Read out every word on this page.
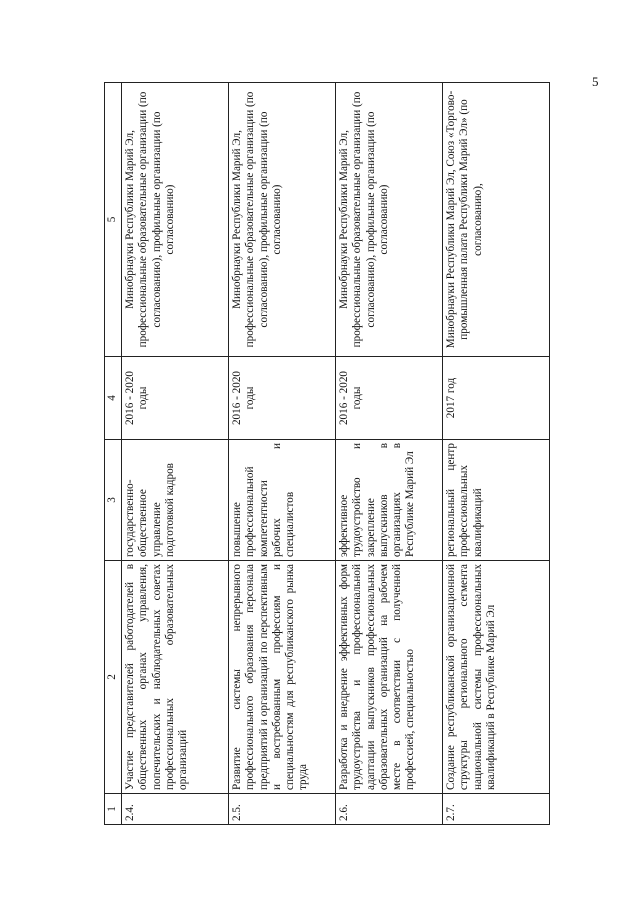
5
1	2	3	4	5
2.4.	Участие представителей работодателей в общественных органах управления, попечительских и наблюдательных советах профессиональных образовательных организаций	государственно-общественное управление подготовкой кадров	2016 - 2020 годы	Минобрнауки Республики Марий Эл, профессиональные образовательные организации (по согласованию), профильные организации (по согласованию)
2.5.	Развитие системы непрерывного профессионального образования персонала предприятий и организаций по перспективным и востребованным профессиям и специальностям для республиканского рынка труда	повышение профессиональной компетентности рабочих и специалистов	2016 - 2020 годы	Минобрнауки Республики Марий Эл, профессиональные образовательные организации (по согласованию), профильные организации (по согласованию)
2.6.	Разработка и внедрение эффективных форм трудоустройства и профессиональной адаптации выпускников профессиональных образовательных организаций на рабочем месте в соответствии с полученной профессией, специальностью	эффективное трудоустройство и закрепление выпускников в организациях в Республике Марий Эл	2016 - 2020 годы	Минобрнауки Республики Марий Эл, профессиональные образовательные организации (по согласованию), профильные организации (по согласованию)
2.7.	Создание республиканской организационной структуры регионального сегмента национальной системы профессиональных квалификаций в Республике Марий Эл	региональный центр профессиональных квалификаций	2017 год	Минобрнауки Республики Марий Эл, Союз «Торгово-промышленная палата Республики Марий Эл» (по согласованию),
